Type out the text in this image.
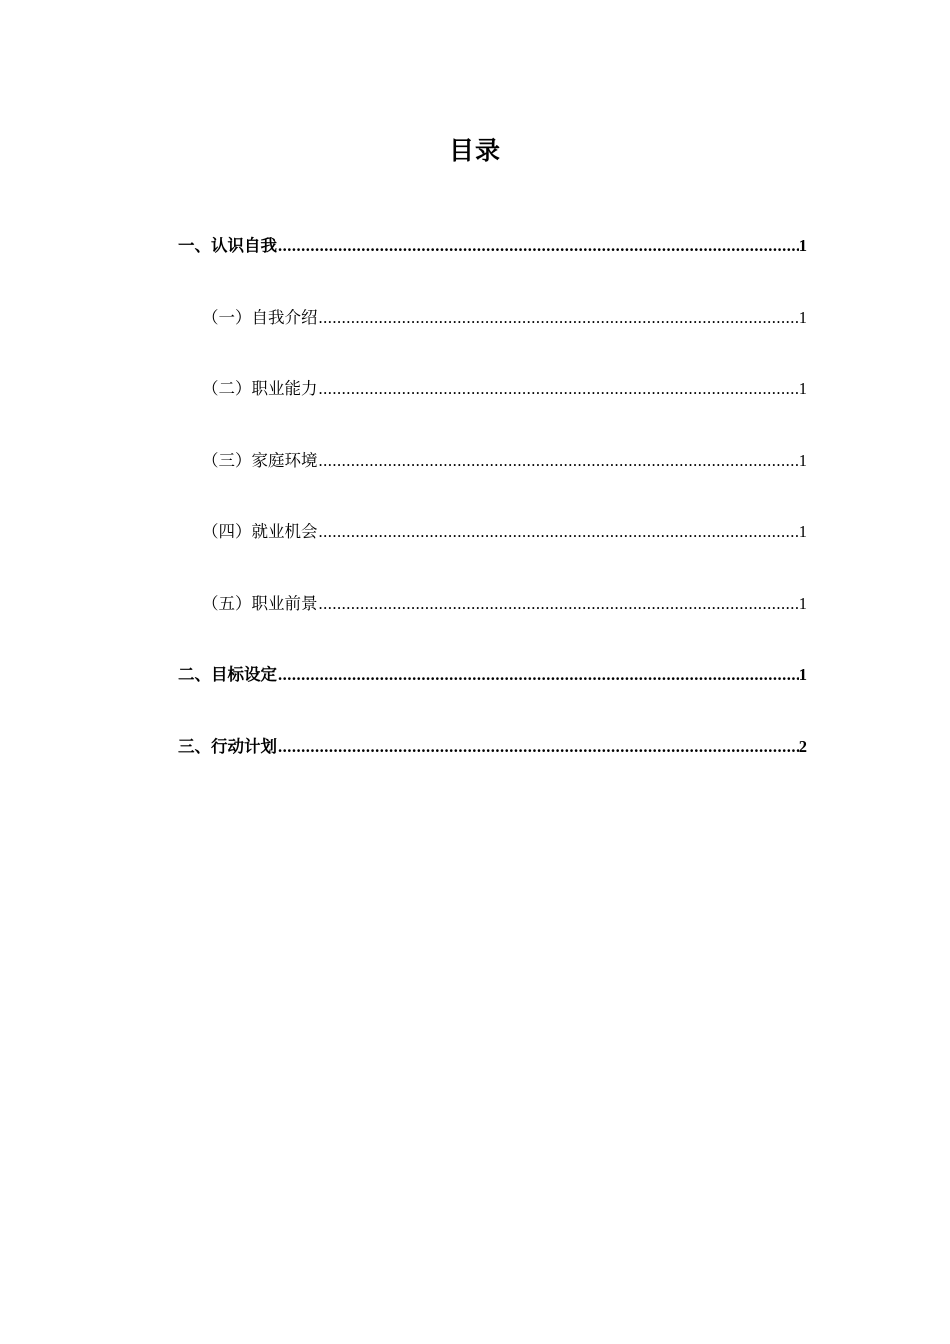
目录
一、认识自我 .....	1
（一）自我介绍 .....	1
（二）职业能力 .....	1
（三）家庭环境 .....	1
（四）就业机会 .....	1
（五）职业前景 .....	1
二、目标设定 .....	1
三、行动计划 .....	2
